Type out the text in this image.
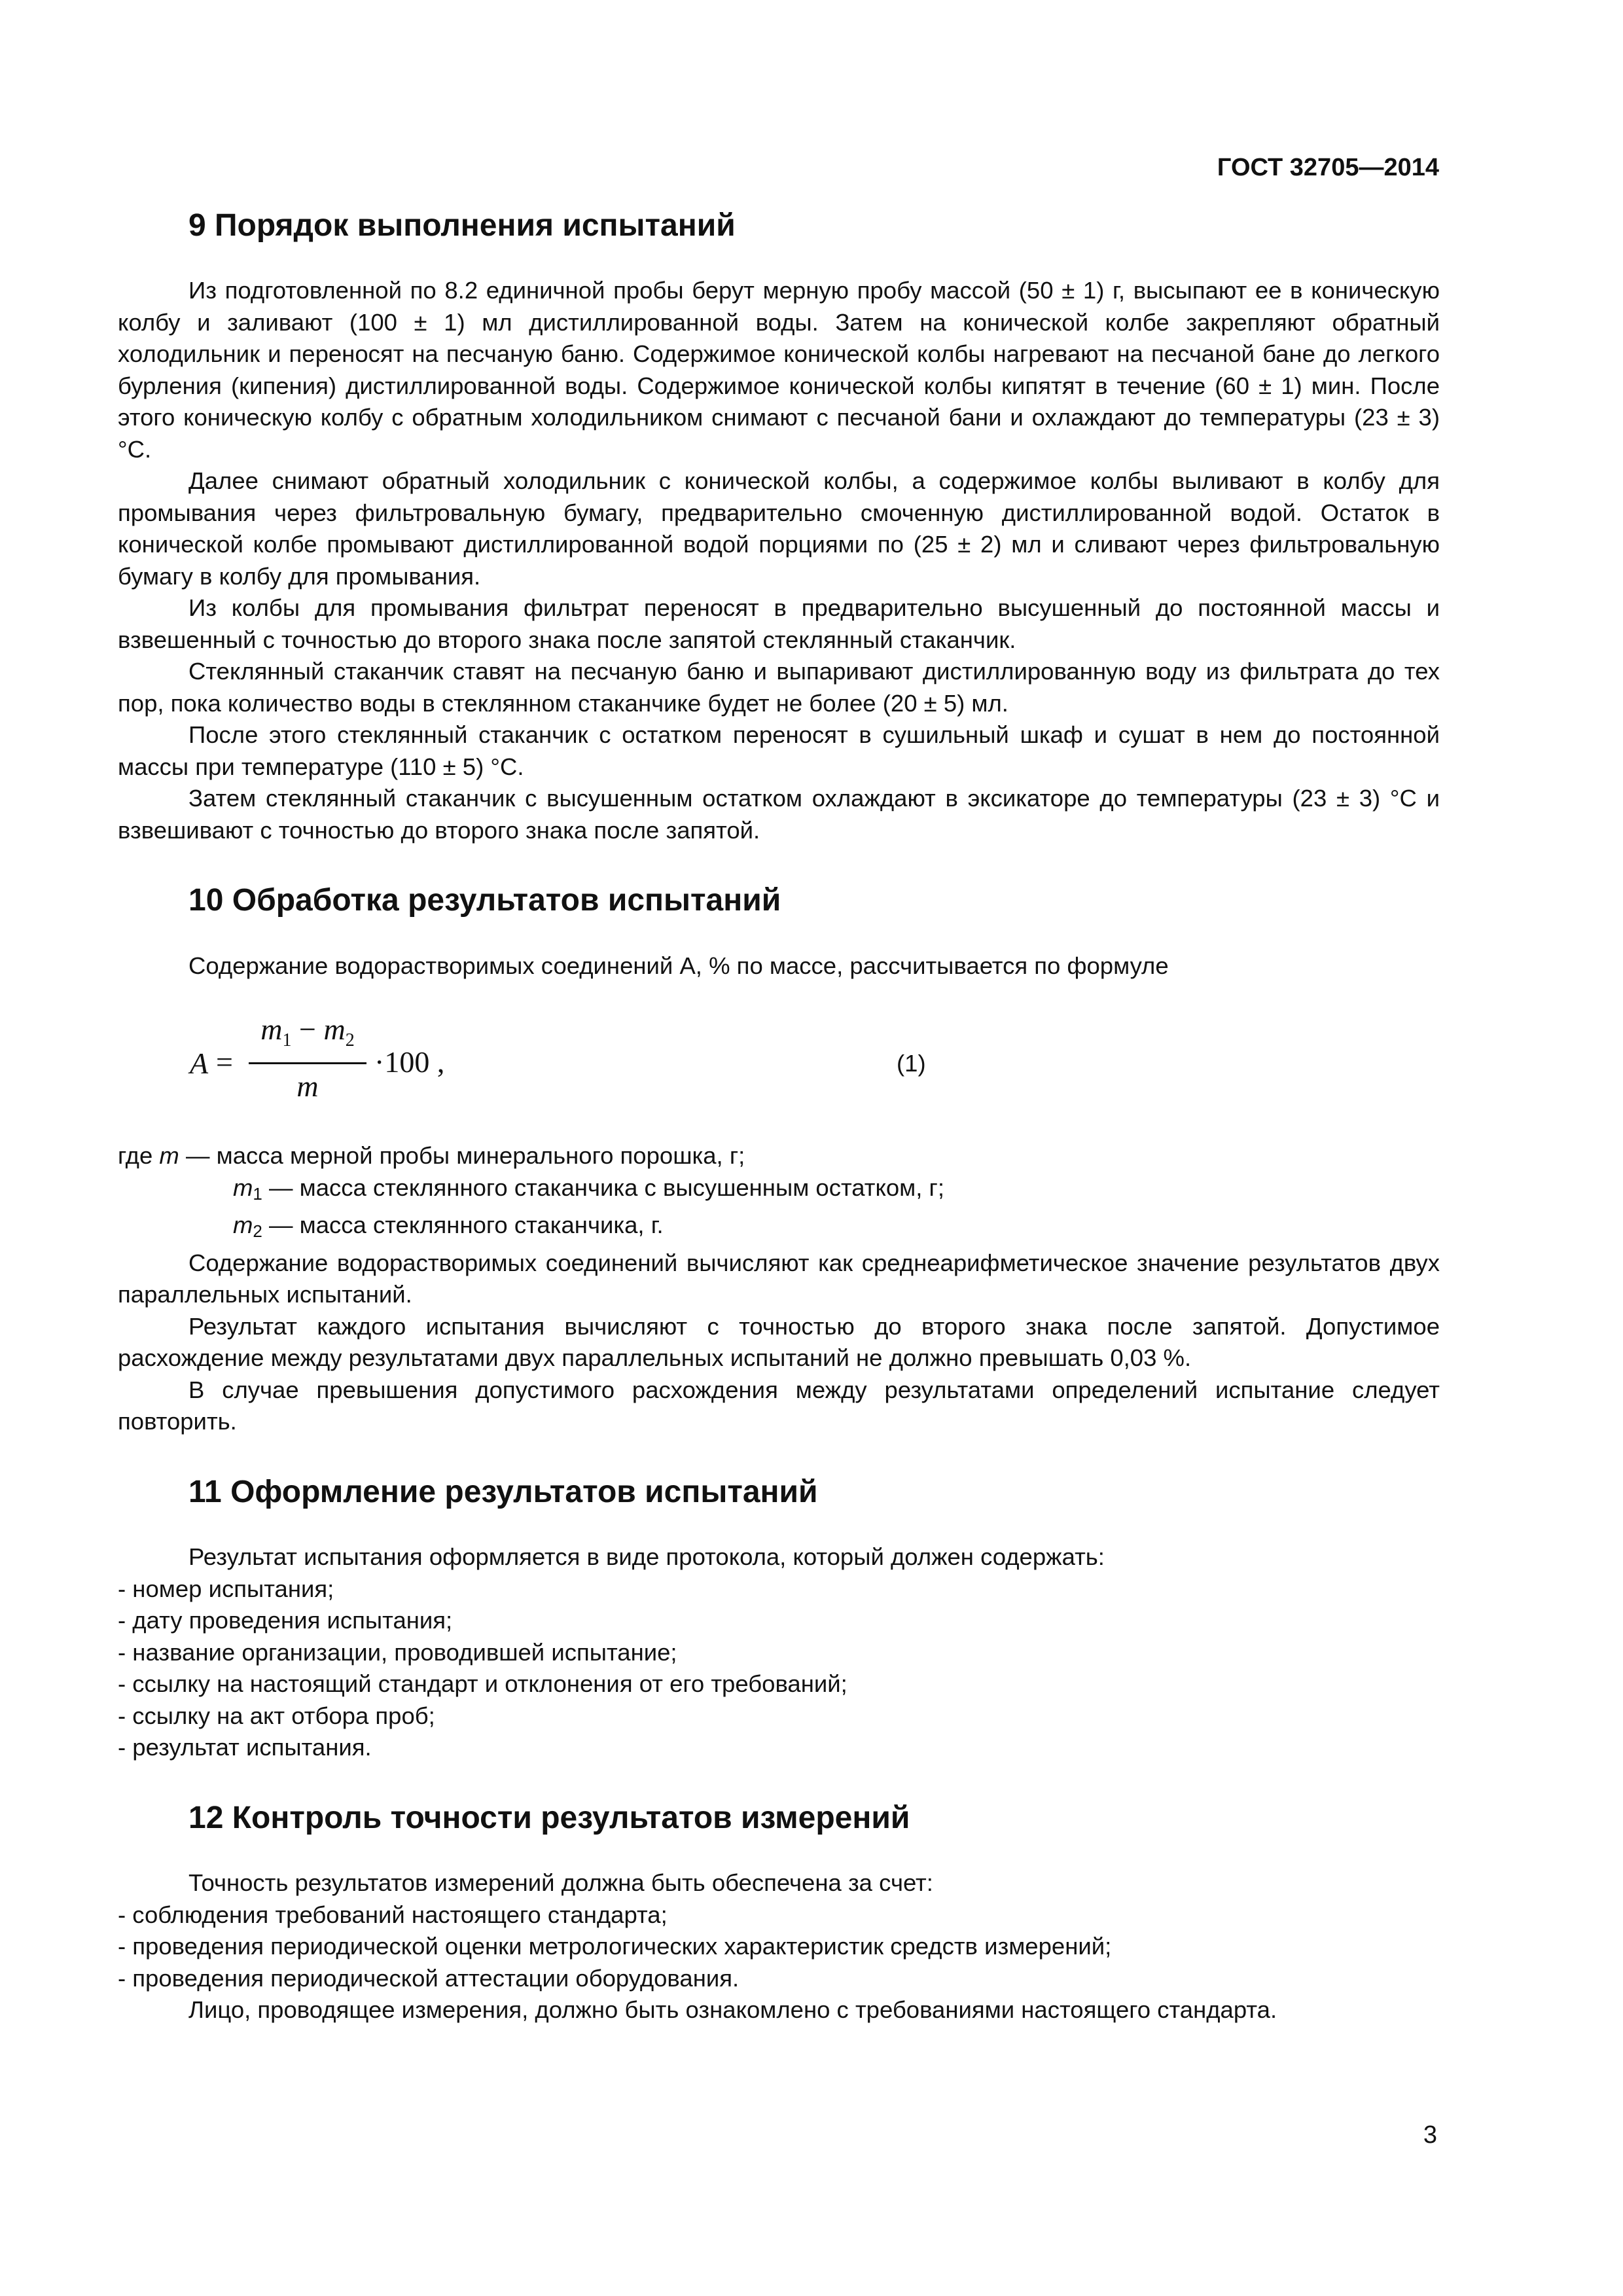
ГОСТ 32705—2014

9 Порядок выполнения испытаний

Из подготовленной по 8.2 единичной пробы берут мерную пробу массой (50 ± 1) г, высыпают ее в коническую колбу и заливают (100 ± 1) мл дистиллированной воды. Затем на конической колбе закрепляют обратный холодильник и переносят на песчаную баню. Содержимое конической колбы нагревают на песчаной бане до легкого бурления (кипения) дистиллированной воды. Содержимое конической колбы кипятят в течение (60 ± 1) мин. После этого коническую колбу с обратным холодильником снимают с песчаной бани и охлаждают до температуры (23 ± 3) °С.

Далее снимают обратный холодильник с конической колбы, а содержимое колбы выливают в колбу для промывания через фильтровальную бумагу, предварительно смоченную дистиллированной водой. Остаток в конической колбе промывают дистиллированной водой порциями по (25 ± 2) мл и сливают через фильтровальную бумагу в колбу для промывания.

Из колбы для промывания фильтрат переносят в предварительно высушенный до постоянной массы и взвешенный с точностью до второго знака после запятой стеклянный стаканчик.

Стеклянный стаканчик ставят на песчаную баню и выпаривают дистиллированную воду из фильтрата до тех пор, пока количество воды в стеклянном стаканчике будет не более (20 ± 5) мл.

После этого стеклянный стаканчик с остатком переносят в сушильный шкаф и сушат в нем до постоянной массы при температуре (110 ± 5) °С.

Затем стеклянный стаканчик с высушенным остатком охлаждают в эксикаторе до температуры (23 ± 3) °С и взвешивают с точностью до второго знака после запятой.

10 Обработка результатов испытаний

Содержание водорастворимых соединений А, % по массе, рассчитывается по формуле

A =
$m_1 - m_2$
m
·100 ,	(1)

где m — масса мерной пробы минерального порошка, г;

m1 — масса стеклянного стаканчика с высушенным остатком, г;

m2 — масса стеклянного стаканчика, г.

Содержание водорастворимых соединений вычисляют как среднеарифметическое значение результатов двух параллельных испытаний.

Результат каждого испытания вычисляют с точностью до второго знака после запятой. Допустимое расхождение между результатами двух параллельных испытаний не должно превышать 0,03 %.

В случае превышения допустимого расхождения между результатами определений испытание следует повторить.

11 Оформление результатов испытаний

Результат испытания оформляется в виде протокола, который должен содержать:

- номер испытания;

- дату проведения испытания;

- название организации, проводившей испытание;

- ссылку на настоящий стандарт и отклонения от его требований;

- ссылку на акт отбора проб;

- результат испытания.

12 Контроль точности результатов измерений

Точность результатов измерений должна быть обеспечена за счет:

- соблюдения требований настоящего стандарта;

- проведения периодической оценки метрологических характеристик средств измерений;

- проведения периодической аттестации оборудования.

Лицо, проводящее измерения, должно быть ознакомлено с требованиями настоящего стандарта.

3
